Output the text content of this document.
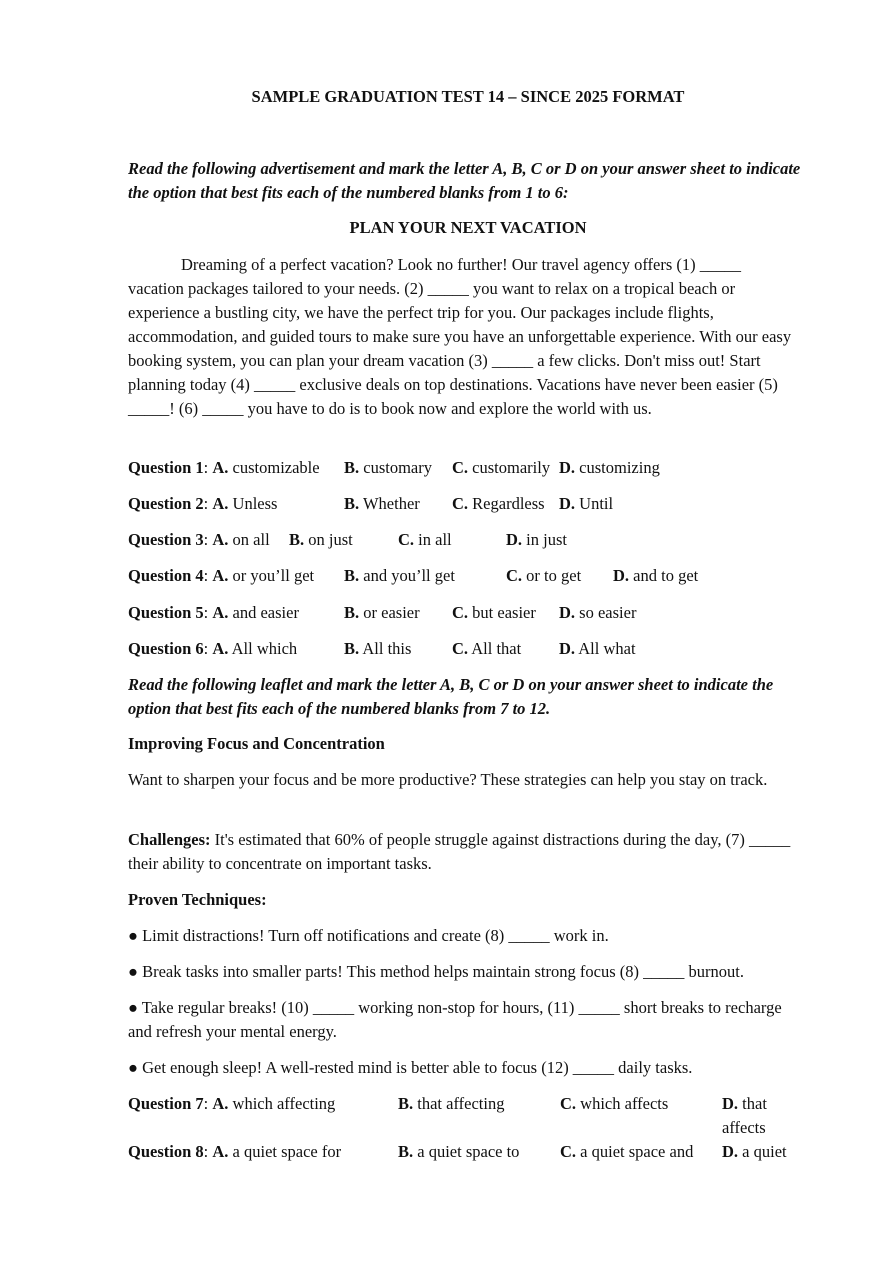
SAMPLE GRADUATION TEST 14 – SINCE 2025 FORMAT
Read the following advertisement and mark the letter A, B, C or D on your answer sheet to indicate the option that best fits each of the numbered blanks from 1 to 6:
PLAN YOUR NEXT VACATION
Dreaming of a perfect vacation? Look no further! Our travel agency offers (1) _____ vacation packages tailored to your needs. (2) _____ you want to relax on a tropical beach or experience a bustling city, we have the perfect trip for you. Our packages include flights, accommodation, and guided tours to make sure you have an unforgettable experience. With our easy booking system, you can plan your dream vacation (3) _____ a few clicks. Don't miss out! Start planning today (4) _____ exclusive deals on top destinations. Vacations have never been easier (5) _____! (6) _____ you have to do is to book now and explore the world with us.
Question 1: A. customizable B. customary C. customarily D. customizing
Question 2: A. Unless	B. Whether C. Regardless D. Until
Question 3: A. on all B. on just	C. in all	D. in just
Question 4: A. or you’ll get B. and you’ll get	C. or to get D. and to get
Question 5: A. and easier	B. or easier C. but easier D. so easier
Question 6: A. All which	B. All this C. All that D. All what
Read the following leaflet and mark the letter A, B, C or D on your answer sheet to indicate the option that best fits each of the numbered blanks from 7 to 12.
Improving Focus and Concentration
Want to sharpen your focus and be more productive? These strategies can help you stay on track.
Challenges: It's estimated that 60% of people struggle against distractions during the day, (7) _____ their ability to concentrate on important tasks.
Proven Techniques:
● Limit distractions! Turn off notifications and create (8) _____ work in.
● Break tasks into smaller parts! This method helps maintain strong focus (8) _____ burnout.
● Take regular breaks! (10) _____ working non-stop for hours, (11) _____ short breaks to recharge and refresh your mental energy.
● Get enough sleep! A well-rested mind is better able to focus (12) _____ daily tasks.
Question 7: A. which affecting	B. that affecting	C. which affects	D. that affects
Question 8: A. a quiet space for	B. a quiet space to C. a quiet space and D. a quiet
